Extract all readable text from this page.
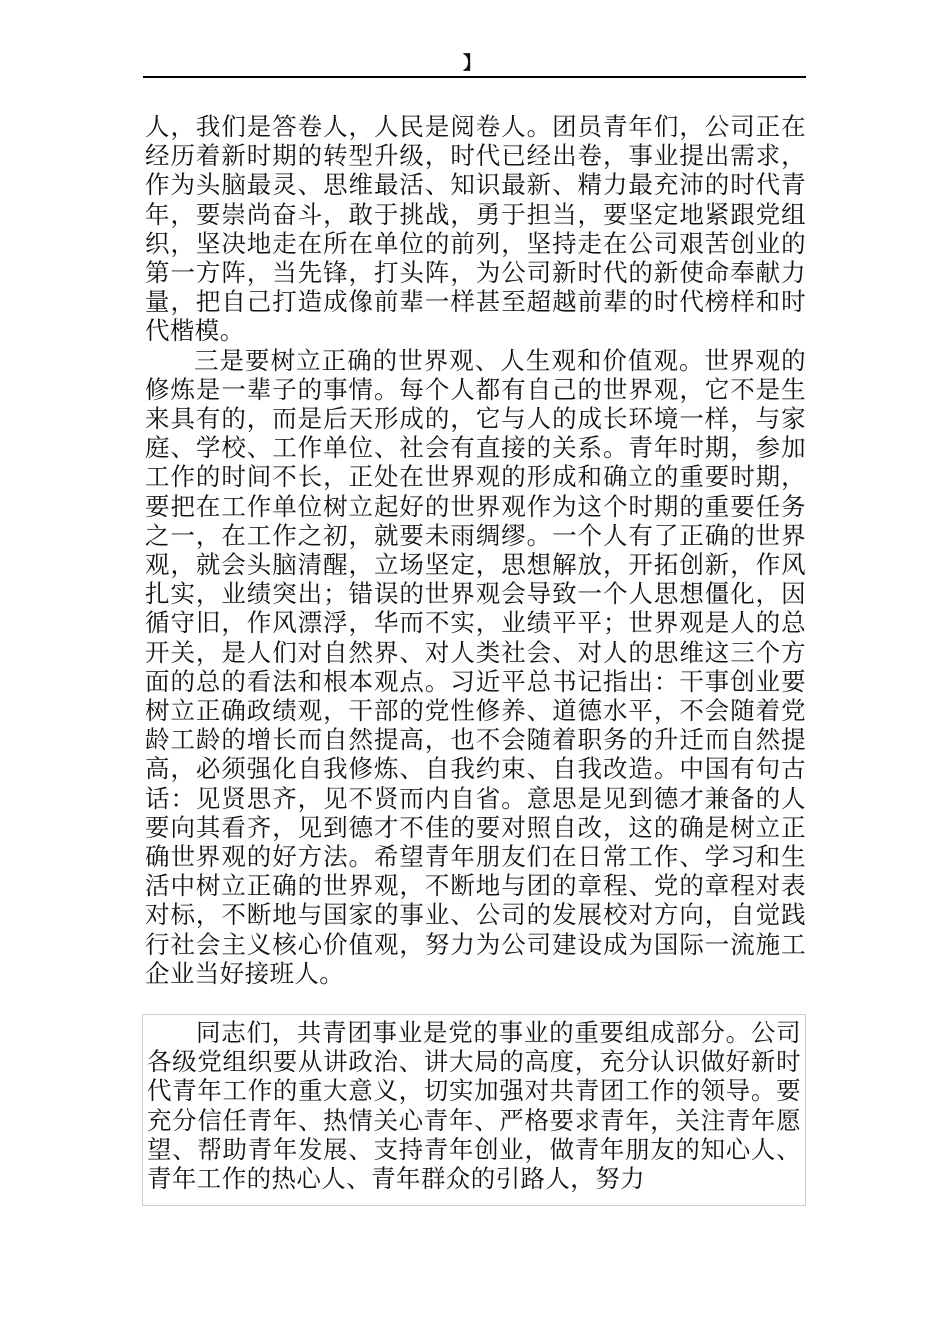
】

人，我们是答卷人，人民是阅卷人。团员青年们，公司正在经历着新时期的转型升级，时代已经出卷，事业提出需求，作为头脑最灵、思维最活、知识最新、精力最充沛的时代青年，要崇尚奋斗，敢于挑战，勇于担当，要坚定地紧跟党组织，坚决地走在所在单位的前列，坚持走在公司艰苦创业的第一方阵，当先锋，打头阵，为公司新时代的新使命奉献力量，把自己打造成像前辈一样甚至超越前辈的时代榜样和时代楷模。

三是要树立正确的世界观、人生观和价值观。世界观的修炼是一辈子的事情。每个人都有自己的世界观，它不是生来具有的，而是后天形成的，它与人的成长环境一样，与家庭、学校、工作单位、社会有直接的关系。青年时期，参加工作的时间不长，正处在世界观的形成和确立的重要时期，要把在工作单位树立起好的世界观作为这个时期的重要任务之一，在工作之初，就要未雨绸缪。一个人有了正确的世界观，就会头脑清醒，立场坚定，思想解放，开拓创新，作风扎实，业绩突出；错误的世界观会导致一个人思想僵化，因循守旧，作风漂浮，华而不实，业绩平平；世界观是人的总开关，是人们对自然界、对人类社会、对人的思维这三个方面的总的看法和根本观点。习近平总书记指出：干事创业要树立正确政绩观，干部的党性修养、道德水平，不会随着党龄工龄的增长而自然提高，也不会随着职务的升迁而自然提高，必须强化自我修炼、自我约束、自我改造。中国有句古话：见贤思齐，见不贤而内自省。意思是见到德才兼备的人要向其看齐，见到德才不佳的要对照自改，这的确是树立正确世界观的好方法。希望青年朋友们在日常工作、学习和生活中树立正确的世界观，不断地与团的章程、党的章程对表对标，不断地与国家的事业、公司的发展校对方向，自觉践行社会主义核心价值观，努力为公司建设成为国际一流施工企业当好接班人。

同志们，共青团事业是党的事业的重要组成部分。公司各级党组织要从讲政治、讲大局的高度，充分认识做好新时代青年工作的重大意义，切实加强对共青团工作的领导。要充分信任青年、热情关心青年、严格要求青年，关注青年愿望、帮助青年发展、支持青年创业，做青年朋友的知心人、青年工作的热心人、青年群众的引路人，努力
